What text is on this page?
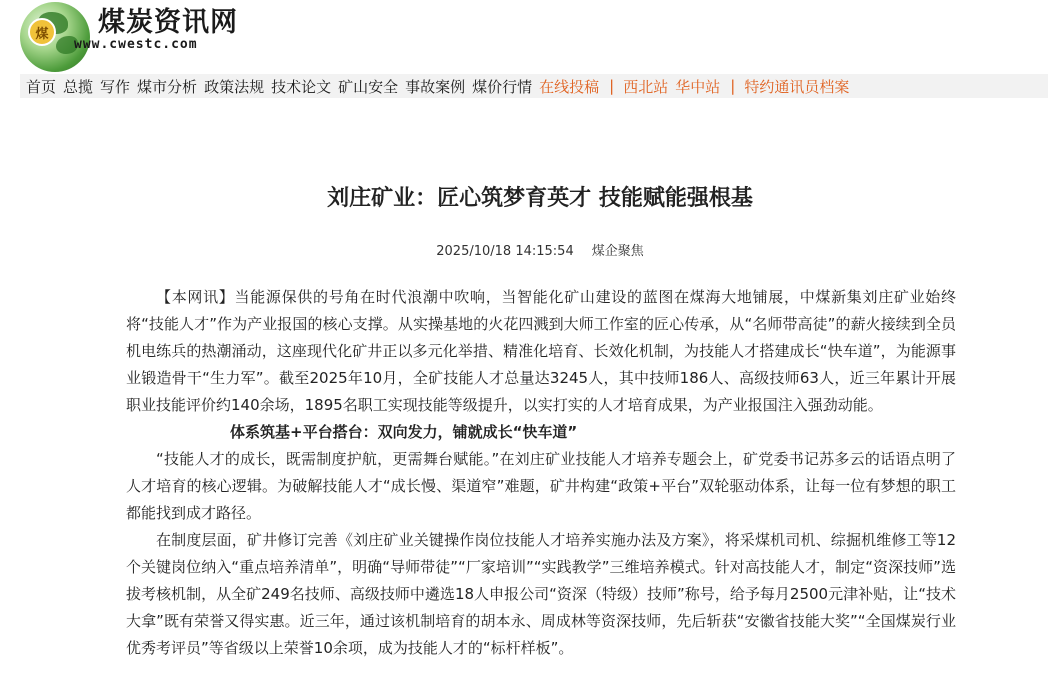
煤 煤炭资讯网
www.cwestc.com
首页 总揽 写作 煤市分析 政策法规 技术论文 矿山安全 事故案例 煤价行情 在线投稿 | 西北站 华中站 | 特约通讯员档案
刘庄矿业：匠心筑梦育英才 技能赋能强根基
2025/10/18 14:15:54 煤企聚焦

【本网讯】当能源保供的号角在时代浪潮中吹响，当智能化矿山建设的蓝图在煤海大地铺展，中煤新集刘庄矿业始终将“技能人才”作为产业报国的核心支撑。从实操基地的火花四溅到大师工作室的匠心传承，从“名师带高徒”的薪火接续到全员机电练兵的热潮涌动，这座现代化矿井正以多元化举措、精准化培育、长效化机制，为技能人才搭建成长“快车道”，为能源事业锻造骨干“生力军”。截至2025年10月，全矿技能人才总量达3245人，其中技师186人、高级技师63人，近三年累计开展职业技能评价约140余场，1895名职工实现技能等级提升，以实打实的人才培育成果，为产业报国注入强劲动能。

体系筑基+平台搭台：双向发力，铺就成长“快车道”

“技能人才的成长，既需制度护航，更需舞台赋能。”在刘庄矿业技能人才培养专题会上，矿党委书记苏多云的话语点明了人才培育的核心逻辑。为破解技能人才“成长慢、渠道窄”难题，矿井构建“政策+平台”双轮驱动体系，让每一位有梦想的职工都能找到成才路径。

在制度层面，矿井修订完善《刘庄矿业关键操作岗位技能人才培养实施办法及方案》，将采煤机司机、综掘机维修工等12个关键岗位纳入“重点培养清单”，明确“导师带徒”“厂家培训”“实践教学”三维培养模式。针对高技能人才，制定“资深技师”选拔考核机制，从全矿249名技师、高级技师中遴选18人申报公司“资深（特级）技师”称号，给予每月2500元津补贴，让“技术大拿”既有荣誉又得实惠。近三年，通过该机制培育的胡本永、周成林等资深技师，先后斩获“安徽省技能大奖”“全国煤炭行业优秀考评员”等省级以上荣誉10余项，成为技能人才的“标杆样板”。
